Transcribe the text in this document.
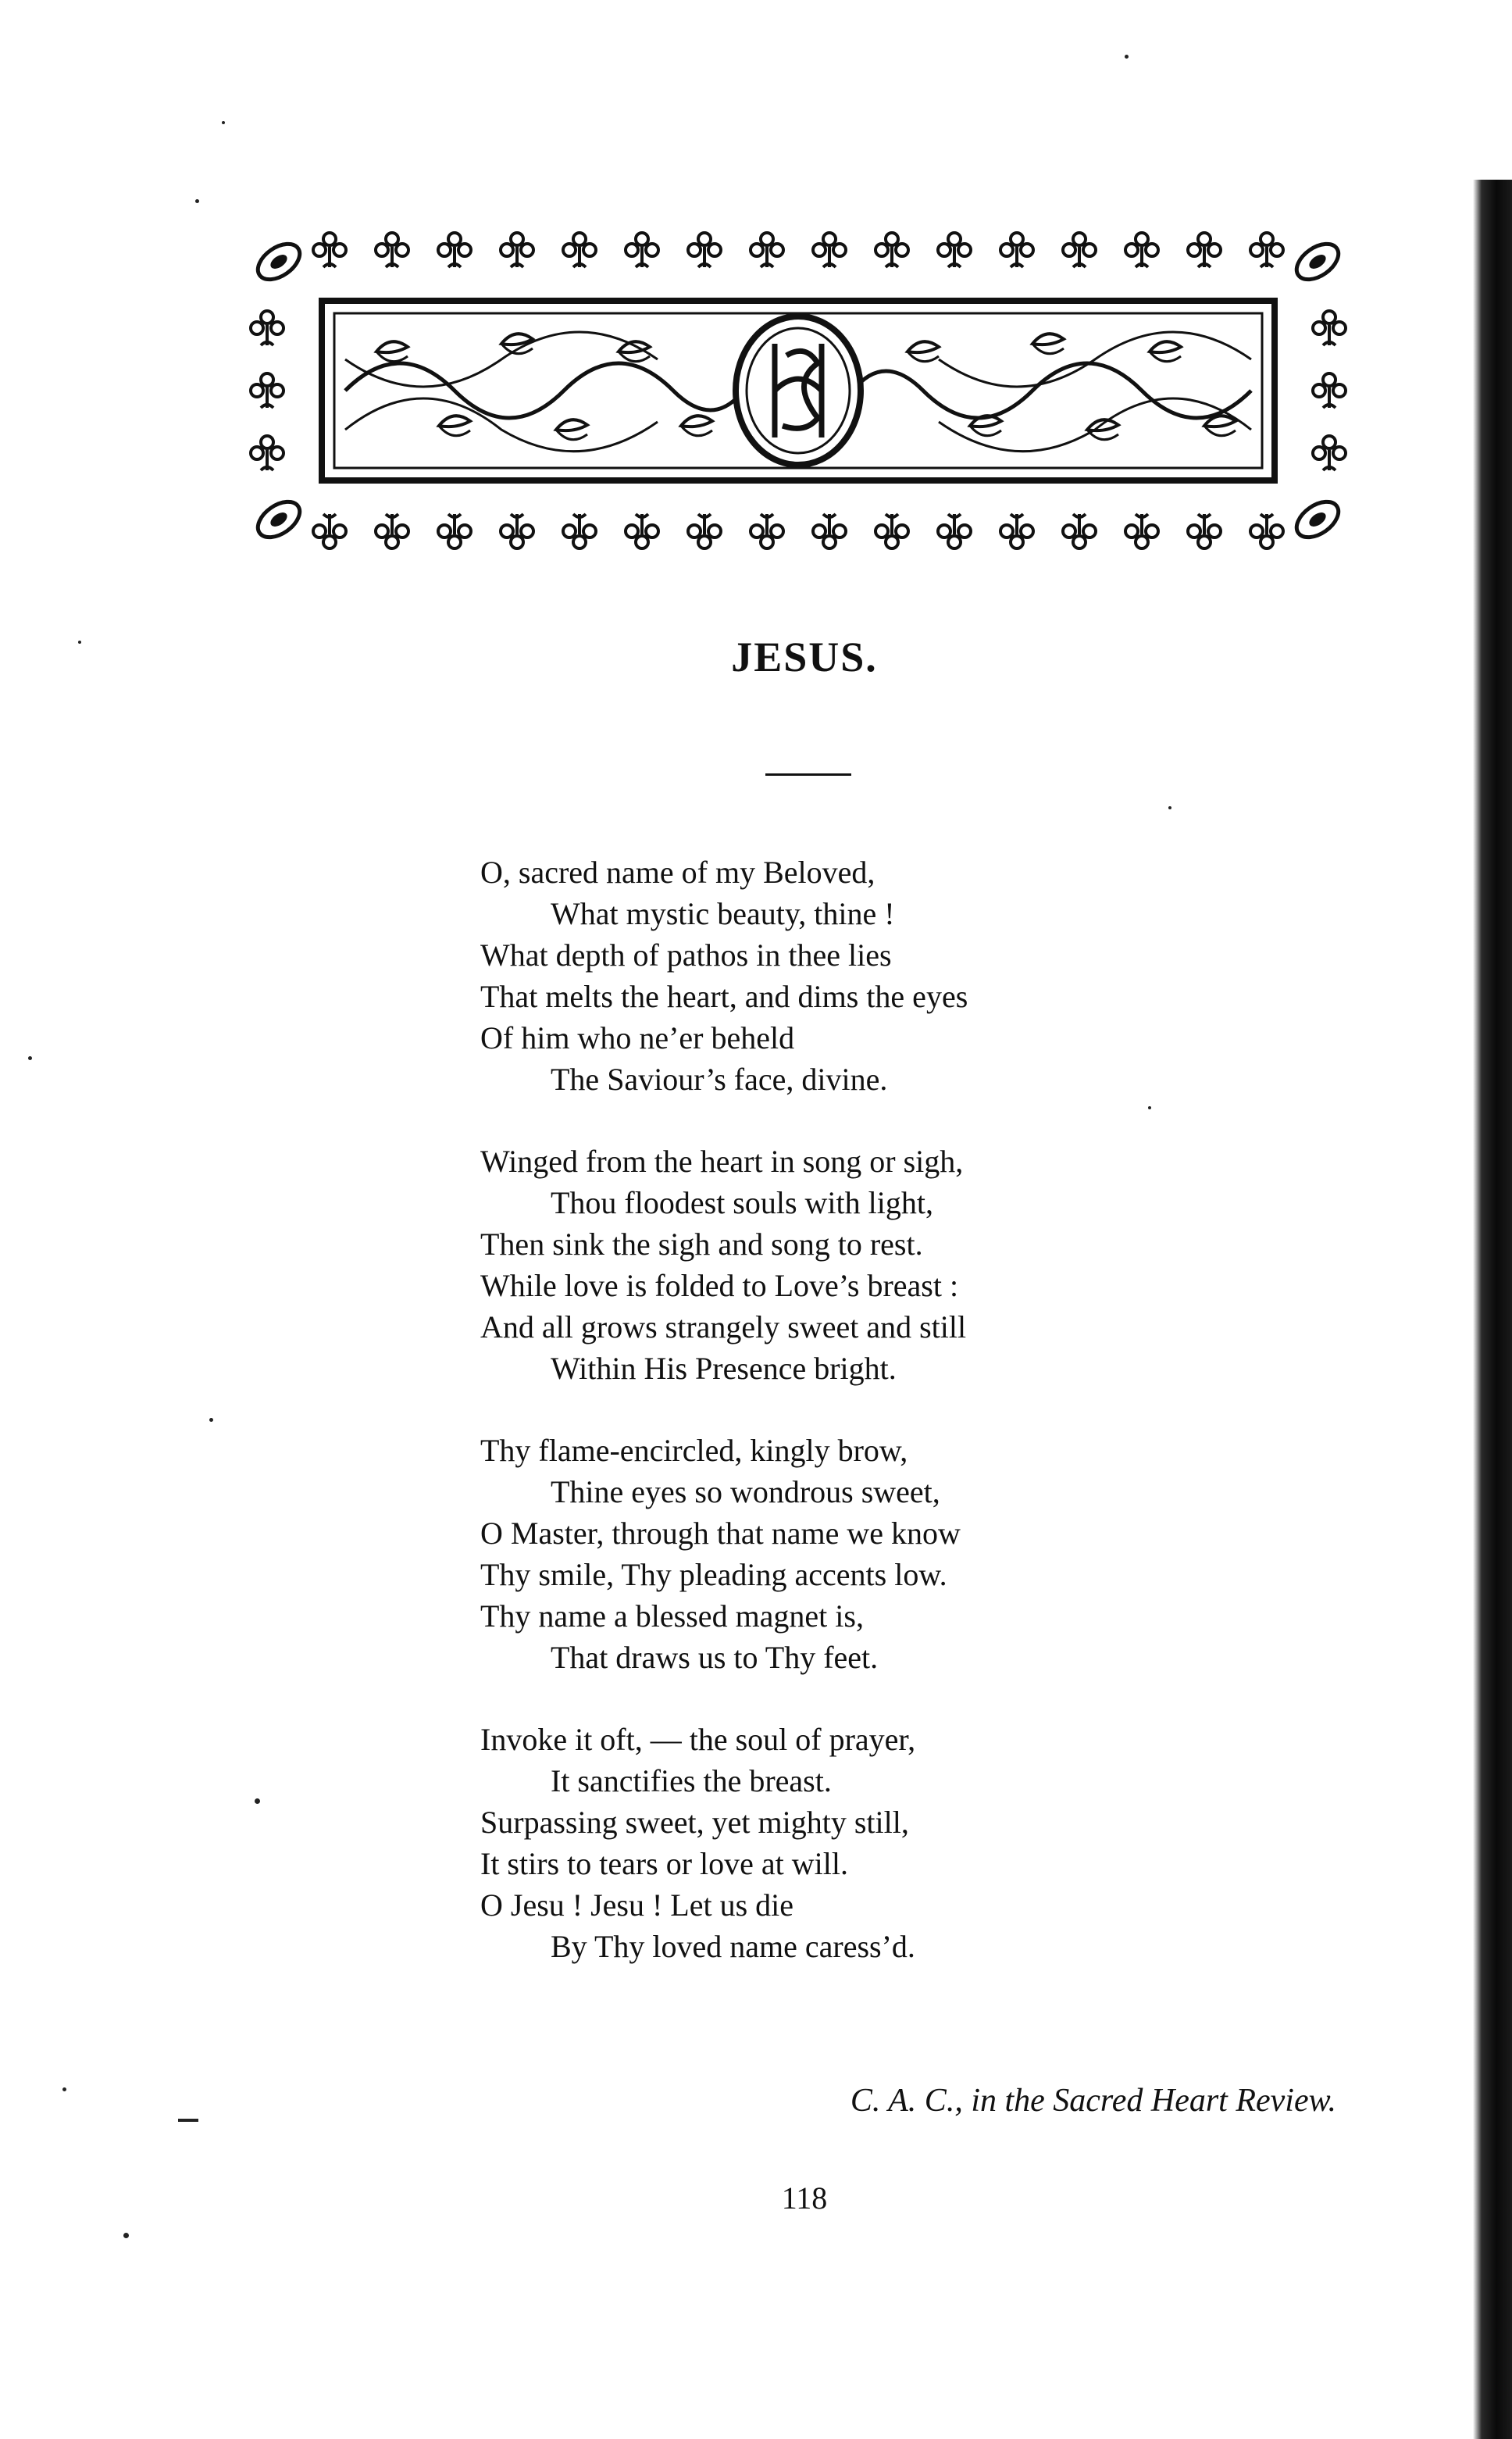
JESUS.
O, sacred name of my Beloved,
What mystic beauty, thine !
What depth of pathos in thee lies
That melts the heart, and dims the eyes
Of him who ne’er beheld
The Saviour’s face, divine.
Winged from the heart in song or sigh,
Thou floodest souls with light,
Then sink the sigh and song to rest.
While love is folded to Love’s breast :
And all grows strangely sweet and still
Within His Presence bright.
Thy flame-encircled, kingly brow,
Thine eyes so wondrous sweet,
O Master, through that name we know
Thy smile, Thy pleading accents low.
Thy name a blessed magnet is,
That draws us to Thy feet.
Invoke it oft, — the soul of prayer,
It sanctifies the breast.
Surpassing sweet, yet mighty still,
It stirs to tears or love at will.
O Jesu ! Jesu ! Let us die
By Thy loved name caress’d.
C. A. C., in the Sacred Heart Review.
118
